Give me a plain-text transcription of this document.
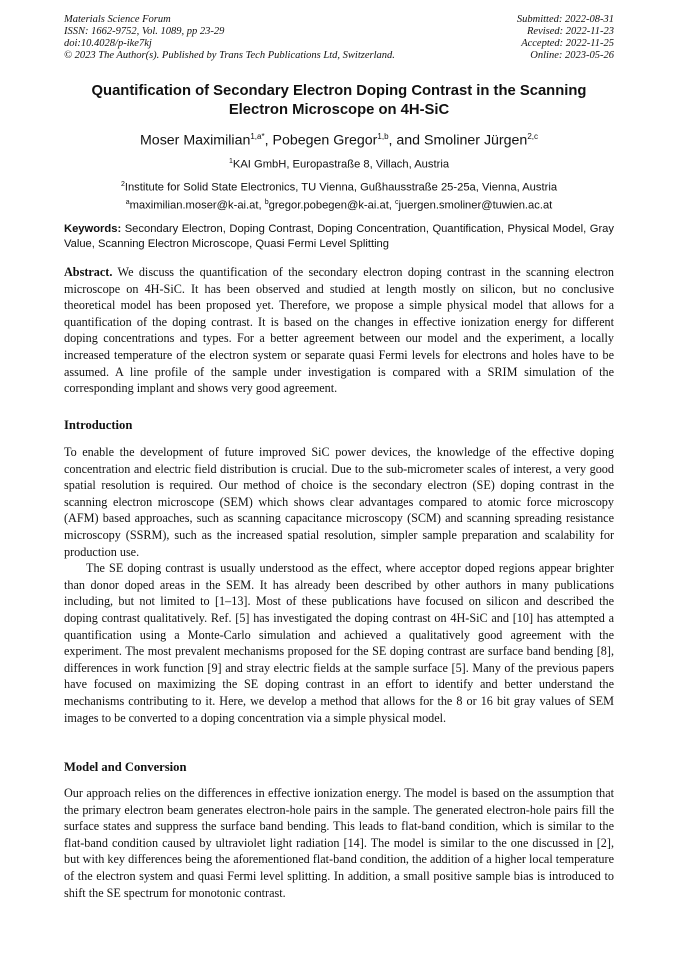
Materials Science Forum
ISSN: 1662-9752, Vol. 1089, pp 23-29
doi:10.4028/p-ike7kj
© 2023 The Author(s). Published by Trans Tech Publications Ltd, Switzerland.
Submitted: 2022-08-31
Revised: 2022-11-23
Accepted: 2022-11-25
Online: 2023-05-26
Quantification of Secondary Electron Doping Contrast in the Scanning Electron Microscope on 4H-SiC
Moser Maximilian$^{1,a*}$, Pobegen Gregor$^{1,b}$, and Smoliner Jürgen$^{2,c}$
$^1$KAI GmbH, Europastraße 8, Villach, Austria
$^2$Institute for Solid State Electronics, TU Vienna, Gußhausstraße 25-25a, Vienna, Austria
$^a$maximilian.moser@k-ai.at, $^b$gregor.pobegen@k-ai.at, $^c$juergen.smoliner@tuwien.ac.at
Keywords: Secondary Electron, Doping Contrast, Doping Concentration, Quantification, Physical Model, Gray Value, Scanning Electron Microscope, Quasi Fermi Level Splitting

Abstract. We discuss the quantification of the secondary electron doping contrast in the scanning electron microscope on 4H-SiC. It has been observed and studied at length mostly on silicon, but no conclusive theoretical model has been proposed yet. Therefore, we propose a simple physical model that allows for a quantification of the doping contrast. It is based on the changes in effective ionization energy for different doping concentrations and types. For a better agreement between our model and the experiment, a locally increased temperature of the electron system or separate quasi Fermi levels for electrons and holes have to be assumed. A line profile of the sample under investigation is compared with a SRIM simulation of the corresponding implant and shows very good agreement.

Introduction

To enable the development of future improved SiC power devices, the knowledge of the effective doping concentration and electric field distribution is crucial. Due to the sub-micrometer scales of interest, a very good spatial resolution is required. Our method of choice is the secondary electron (SE) doping contrast in the scanning electron microscope (SEM) which shows clear advantages compared to atomic force microscopy (AFM) based approaches, such as scanning capacitance microscopy (SCM) and scanning spreading resistance microscopy (SSRM), such as the increased spatial resolution, simpler sample preparation and scalability for production use.

The SE doping contrast is usually understood as the effect, where acceptor doped regions appear brighter than donor doped areas in the SEM. It has already been described by other authors in many publications including, but not limited to [1–13]. Most of these publications have focused on silicon and described the doping contrast qualitatively. Ref. [5] has investigated the doping contrast on 4H-SiC and [10] has attempted a quantification using a Monte-Carlo simulation and achieved a qualitatively good agreement with the experiment. The most prevalent mechanisms proposed for the SE doping contrast are surface band bending [8], differences in work function [9] and stray electric fields at the sample surface [5]. Many of the previous papers have focused on maximizing the SE doping contrast in an effort to identify and better understand the mechanisms contributing to it. Here, we develop a method that allows for the 8 or 16 bit gray values of SEM images to be converted to a doping concentration via a simple physical model.

Model and Conversion

Our approach relies on the differences in effective ionization energy. The model is based on the assumption that the primary electron beam generates electron-hole pairs in the sample. The generated electron-hole pairs fill the surface states and suppress the surface band bending. This leads to flat-band condition, which is similar to the flat-band condition caused by ultraviolet light radiation [14]. The model is similar to the one discussed in [2], but with key differences being the aforementioned flat-band condition, the addition of a higher local temperature of the electron system and quasi Fermi level splitting. In addition, a small positive sample bias is introduced to shift the SE spectrum for monotonic contrast.
